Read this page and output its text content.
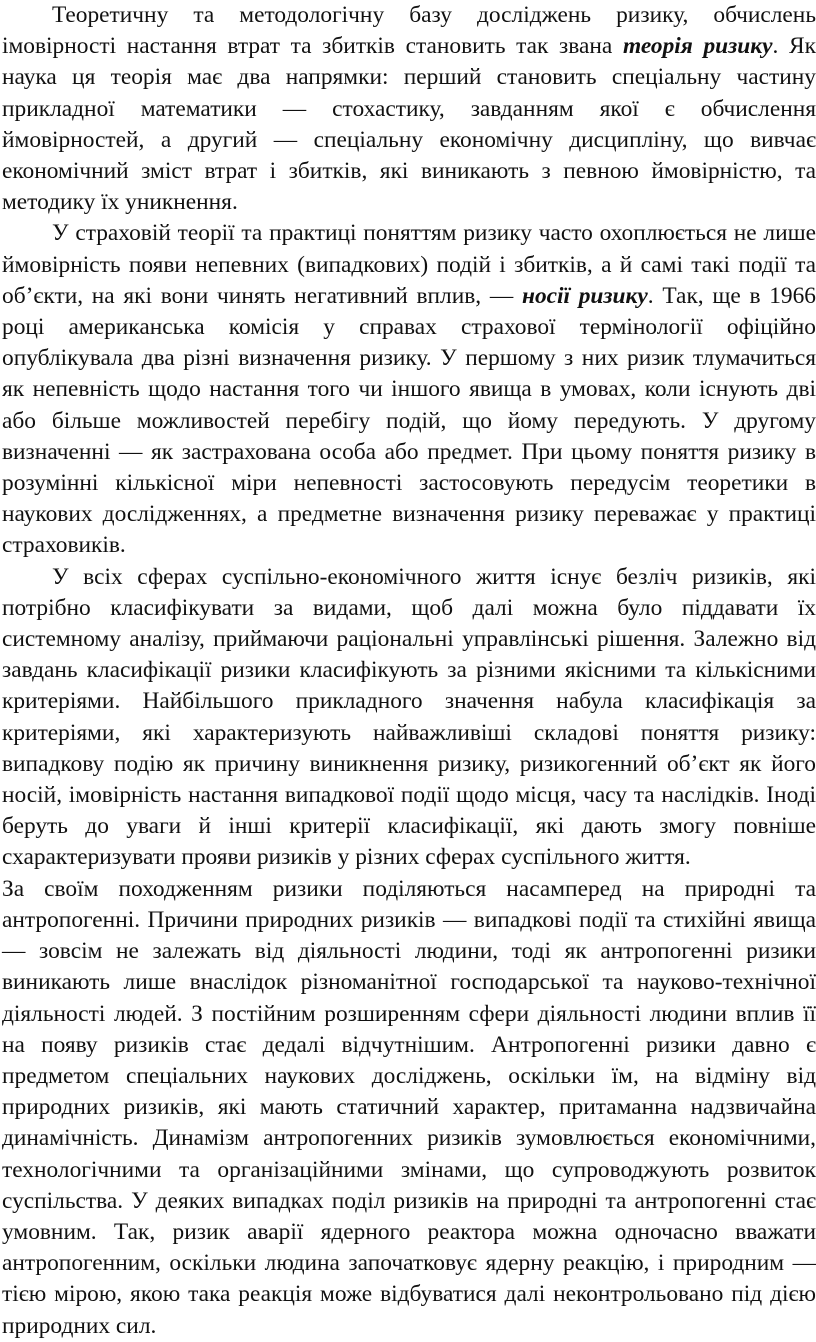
Теоретичну та методологічну базу досліджень ризику, обчислень імовірності настання втрат та збитків становить так звана теорія ризику. Як наука ця теорія має два напрямки: перший становить спеціальну частину прикладної математики — стохастику, завданням якої є обчислення ймовірностей, а другий — спеціальну економічну дисципліну, що вивчає економічний зміст втрат і збитків, які виникають з певною ймовірністю, та методику їх уникнення.

У страховій теорії та практиці поняттям ризику часто охоплюється не лише ймовірність появи непевних (випадкових) подій і збитків, а й самі такі події та об’єкти, на які вони чинять негативний вплив, — носії ризику. Так, ще в 1966 році американська комісія у справах страхової термінології офіційно опублікувала два різні визначення ризику. У першому з них ризик тлумачиться як непевність щодо настання того чи іншого явища в умовах, коли існують дві або більше можливостей перебігу подій, що йому передують. У другому визначенні — як застрахована особа або предмет. При цьому поняття ризику в розумінні кількісної міри непевності застосовують передусім теоретики в наукових дослідженнях, а предметне визначення ризику переважає у практиці страховиків.

У всіх сферах суспільно-економічного життя існує безліч ризиків, які потрібно класифікувати за видами, щоб далі можна було піддавати їх системному аналізу, приймаючи раціональні управлінські рішення. Залежно від завдань класифікації ризики класифікують за різними якісними та кількісними критеріями. Найбільшого прикладного значення набула класифікація за критеріями, які характеризують найважливіші складові поняття ризику: випадкову подію як причину виникнення ризику, ризикогенний об’єкт як його носій, імовірність настання випадкової події щодо місця, часу та наслідків. Іноді беруть до уваги й інші критерії класифікації, які дають змогу повніше схарактеризувати прояви ризиків у різних сферах суспільного життя.

За своїм походженням ризики поділяються насамперед на природні та антропогенні. Причини природних ризиків — випадкові події та стихійні явища — зовсім не залежать від діяльності людини, тоді як антропогенні ризики виникають лише внаслідок різноманітної господарської та науково-технічної діяльності людей. З постійним розширенням сфери діяльності людини вплив її на появу ризиків стає дедалі відчутнішим. Антропогенні ризики давно є предметом спеціальних наукових досліджень, оскільки їм, на відміну від природних ризиків, які мають статичний характер, притаманна надзвичайна динамічність. Динамізм антропогенних ризиків зумовлюється економічними, технологічними та організаційними змінами, що супроводжують розвиток суспільства. У деяких випадках поділ ризиків на природні та антропогенні стає умовним. Так, ризик аварії ядерного реактора можна одночасно вважати антропогенним, оскільки людина започатковує ядерну реакцію, і природним — тією мірою, якою така реакція може відбуватися далі неконтрольовано під дією природних сил.
